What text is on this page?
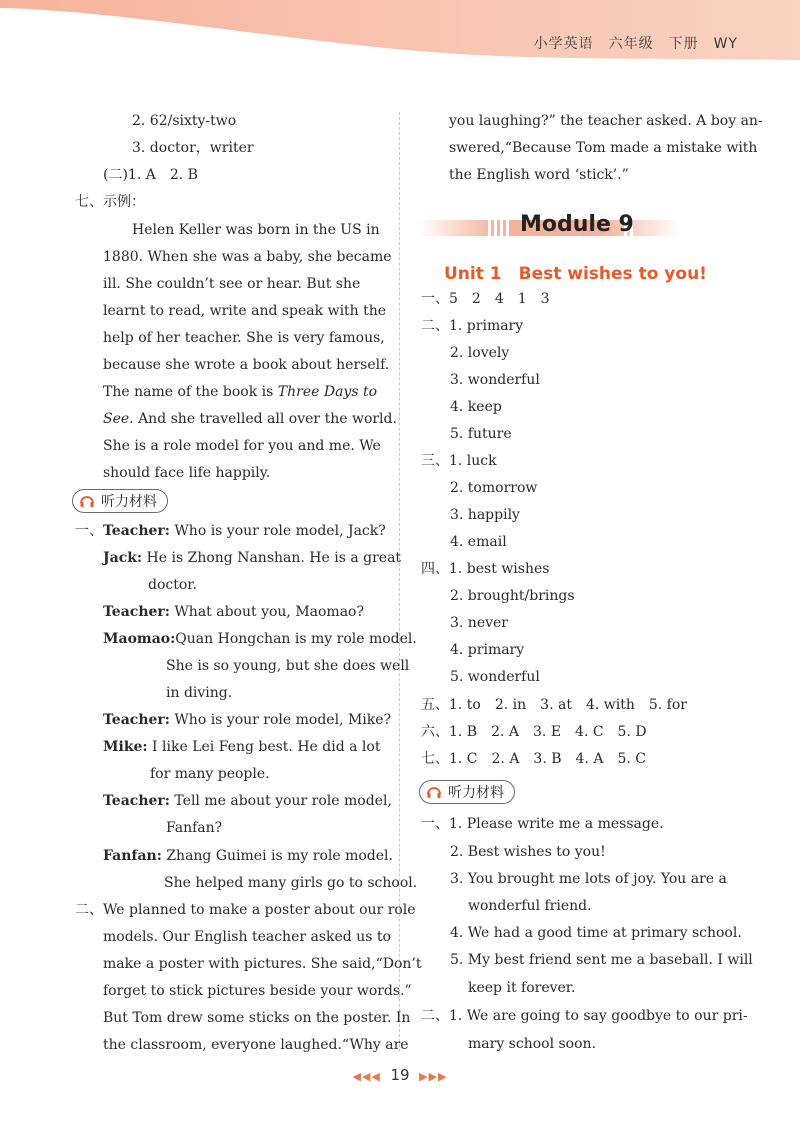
小学英语　六年级　下册　WY
2. 62/sixty-two
3. doctor，writer
(二)1. A　2. B
七、示例：
Helen Keller was born in the US in
1880. When she was a baby, she became
ill. She couldn’t see or hear. But she
learnt to read, write and speak with the
help of her teacher. She is very famous,
because she wrote a book about herself.
The name of the book is Three Days to
See. And she travelled all over the world.
She is a role model for you and me. We
should face life happily.
听力材料
一、Teacher: Who is your role model, Jack?
Jack: He is Zhong Nanshan. He is a great
doctor.
Teacher: What about you, Maomao?
Maomao:Quan Hongchan is my role model.
She is so young, but she does well
in diving.
Teacher: Who is your role model, Mike?
Mike: I like Lei Feng best. He did a lot
for many people.
Teacher: Tell me about your role model,
Fanfan?
Fanfan: Zhang Guimei is my role model.
She helped many girls go to school.
二、We planned to make a poster about our role
models. Our English teacher asked us to
make a poster with pictures. She said,“Don’t
forget to stick pictures beside your words.”
But Tom drew some sticks on the poster. In
the classroom, everyone laughed.“Why are
you laughing?” the teacher asked. A boy an-
swered,“Because Tom made a mistake with
the English word ‘stick’.”
Module 9
Unit 1　Best wishes to you!
一、5　2　4　1　3
二、1. primary
2. lovely
3. wonderful
4. keep
5. future
三、1. luck
2. tomorrow
3. happily
4. email
四、1. best wishes
2. brought/brings
3. never
4. primary
5. wonderful
五、1. to　2. in　3. at　4. with　5. for
六、1. B　2. A　3. E　4. C　5. D
七、1. C　2. A　3. B　4. A　5. C
听力材料
一、1. Please write me a message.
2. Best wishes to you!
3. You brought me lots of joy. You are a
wonderful friend.
4. We had a good time at primary school.
5. My best friend sent me a baseball. I will
keep it forever.
二、1. We are going to say goodbye to our pri-
mary school soon.
◀◀◀ 19 ▶▶▶
